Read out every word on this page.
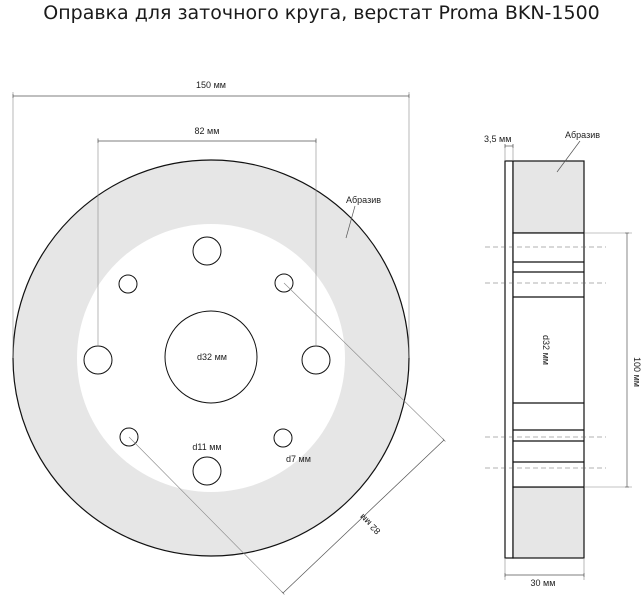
Оправка для заточного круга, верстат Proma BKN-1500
150 мм
82 мм
Абразив
d32 мм
d11 мм
d7 мм
82 мм
3,5 мм	Абразив
d32 мм
100 мм
30 мм
